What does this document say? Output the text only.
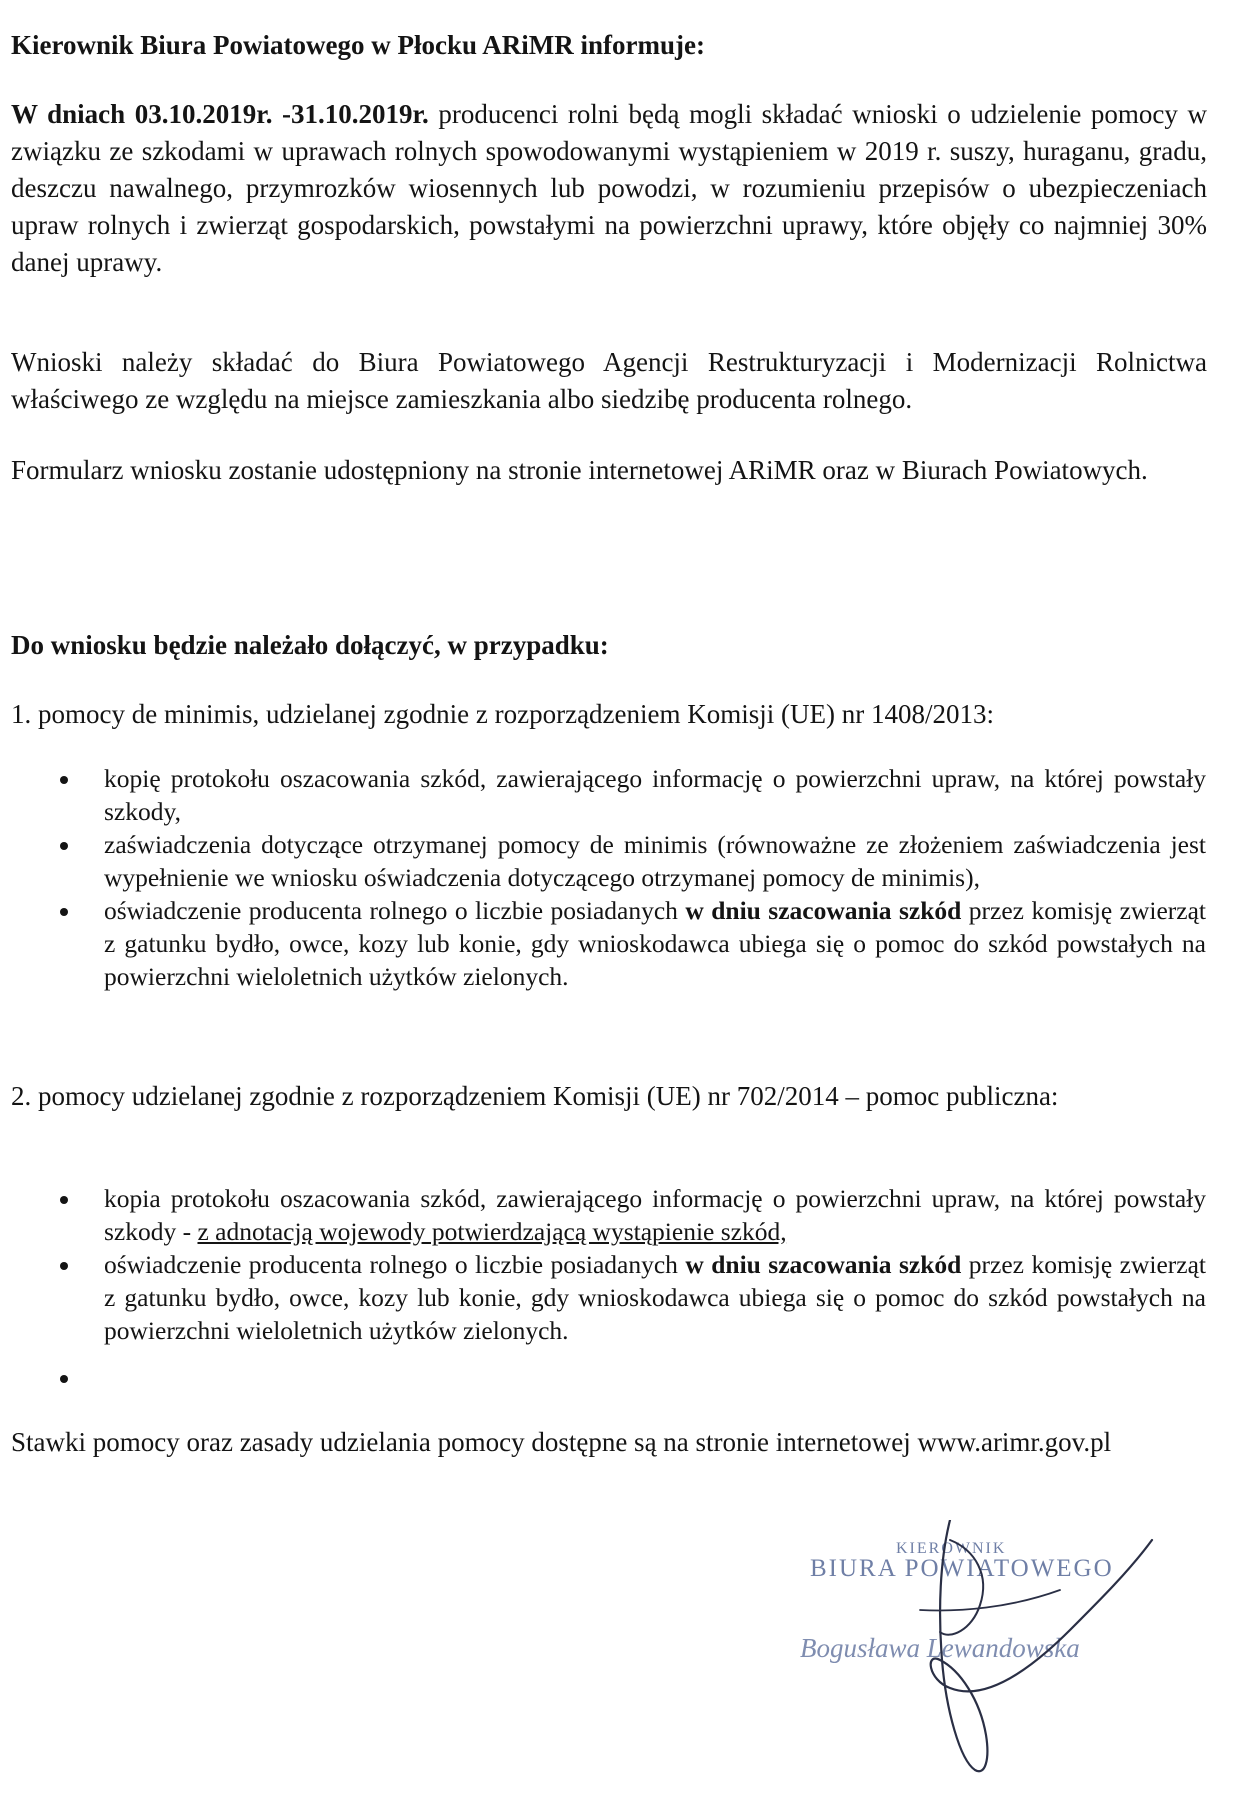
Kierownik Biura Powiatowego w Płocku ARiMR informuje:

W dniach 03.10.2019r. -31.10.2019r. producenci rolni będą mogli składać wnioski o udzielenie pomocy w związku ze szkodami w uprawach rolnych spowodowanymi wystąpieniem w 2019 r. suszy, huraganu, gradu, deszczu nawalnego, przymrozków wiosennych lub powodzi, w rozumieniu przepisów o ubezpieczeniach upraw rolnych i zwierząt gospodarskich, powstałymi na powierzchni uprawy, które objęły co najmniej 30% danej uprawy.

Wnioski należy składać do Biura Powiatowego Agencji Restrukturyzacji i Modernizacji Rolnictwa właściwego ze względu na miejsce zamieszkania albo siedzibę producenta rolnego.

Formularz wniosku zostanie udostępniony na stronie internetowej ARiMR oraz w Biurach Powiatowych.

Do wniosku będzie należało dołączyć, w przypadku:

1. pomocy de minimis, udzielanej zgodnie z rozporządzeniem Komisji (UE) nr 1408/2013:

kopię protokołu oszacowania szkód, zawierającego informację o powierzchni upraw, na której powstały szkody,
zaświadczenia dotyczące otrzymanej pomocy de minimis (równoważne ze złożeniem zaświadczenia jest wypełnienie we wniosku oświadczenia dotyczącego otrzymanej pomocy de minimis),
oświadczenie producenta rolnego o liczbie posiadanych w dniu szacowania szkód przez komisję zwierząt z gatunku bydło, owce, kozy lub konie, gdy wnioskodawca ubiega się o pomoc do szkód powstałych na powierzchni wieloletnich użytków zielonych.

2. pomocy udzielanej zgodnie z rozporządzeniem Komisji (UE) nr 702/2014 – pomoc publiczna:

kopia protokołu oszacowania szkód, zawierającego informację o powierzchni upraw, na której powstały szkody - z adnotacją wojewody potwierdzającą wystąpienie szkód,
oświadczenie producenta rolnego o liczbie posiadanych w dniu szacowania szkód przez komisję zwierząt z gatunku bydło, owce, kozy lub konie, gdy wnioskodawca ubiega się o pomoc do szkód powstałych na powierzchni wieloletnich użytków zielonych.

Stawki pomocy oraz zasady udzielania pomocy dostępne są na stronie internetowej www.arimr.gov.pl

KIEROWNIK
BIURA POWIATOWEGO
Bogusława Lewandowska
